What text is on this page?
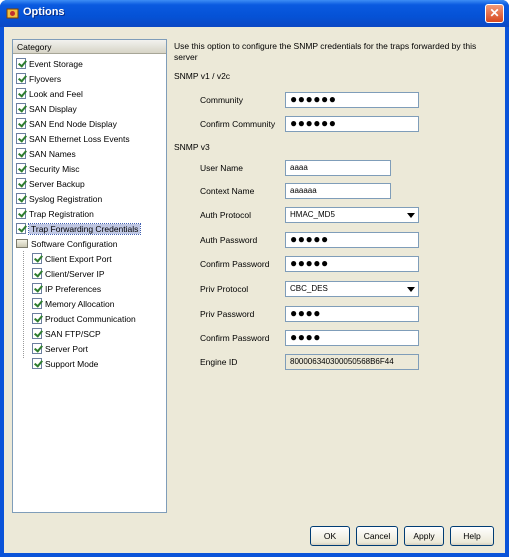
Options	✕
Category
Event Storage
Flyovers
Look and Feel
SAN Display
SAN End Node Display
SAN Ethernet Loss Events
SAN Names
Security Misc
Server Backup
Syslog Registration
Trap Registration
Trap Forwarding Credentials
Software Configuration
Client Export Port
Client/Server IP
IP Preferences
Memory Allocation
Product Communication
SAN FTP/SCP
Server Port
Support Mode
Use this option to configure the SNMP credentials for the traps forwarded by this server
SNMP v1 / v2c
Community	●●●●●●
Confirm Community	●●●●●●
SNMP v3
User Name	aaaa
Context Name	aaaaaa
Auth Protocol	HMAC_MD5
Auth Password	●●●●●
Confirm Password	●●●●●
Priv Protocol	CBC_DES
Priv Password	●●●●
Confirm Password	●●●●
Engine ID	800006340300050568B6F44
OK	Cancel	Apply	Help
